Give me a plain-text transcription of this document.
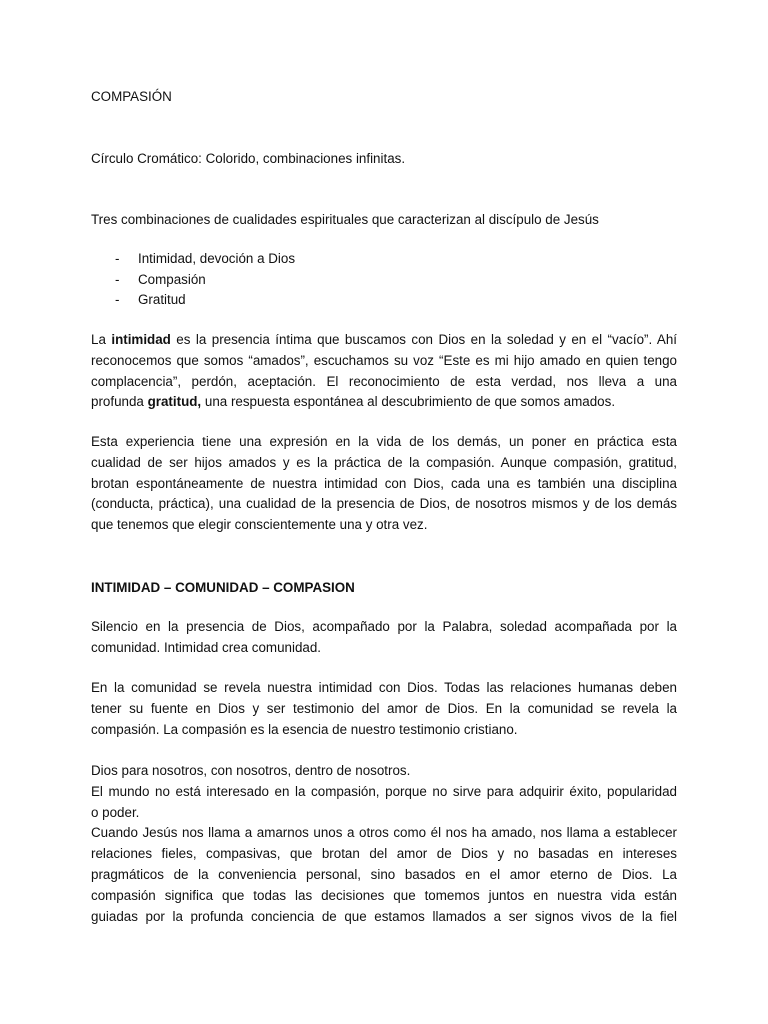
COMPASIÓN
Círculo Cromático: Colorido, combinaciones infinitas.
Tres combinaciones de cualidades espirituales que caracterizan al discípulo de Jesús
-	Intimidad, devoción a Dios
-	Compasión
-	Gratitud
La intimidad es la presencia íntima que buscamos con Dios en la soledad y en el “vacío”. Ahí
reconocemos que somos “amados”, escuchamos su voz “Este es mi hijo amado en quien tengo
complacencia”, perdón, aceptación. El reconocimiento de esta verdad, nos lleva a una
profunda gratitud, una respuesta espontánea al descubrimiento de que somos amados.
Esta experiencia tiene una expresión en la vida de los demás, un poner en práctica esta
cualidad de ser hijos amados y es la práctica de la compasión. Aunque compasión, gratitud,
brotan espontáneamente de nuestra intimidad con Dios, cada una es también una disciplina
(conducta, práctica), una cualidad de la presencia de Dios, de nosotros mismos y de los demás
que tenemos que elegir conscientemente una y otra vez.
INTIMIDAD – COMUNIDAD – COMPASION
Silencio en la presencia de Dios, acompañado por la Palabra, soledad acompañada por la
comunidad. Intimidad crea comunidad.
En la comunidad se revela nuestra intimidad con Dios. Todas las relaciones humanas deben
tener su fuente en Dios y ser testimonio del amor de Dios. En la comunidad se revela la
compasión. La compasión es la esencia de nuestro testimonio cristiano.
Dios para nosotros, con nosotros, dentro de nosotros.
El mundo no está interesado en la compasión, porque no sirve para adquirir éxito, popularidad
o poder.
Cuando Jesús nos llama a amarnos unos a otros como él nos ha amado, nos llama a establecer
relaciones fieles, compasivas, que brotan del amor de Dios y no basadas en intereses
pragmáticos de la conveniencia personal, sino basados en el amor eterno de Dios. La
compasión significa que todas las decisiones que tomemos juntos en nuestra vida están
guiadas por la profunda conciencia de que estamos llamados a ser signos vivos de la fiel
